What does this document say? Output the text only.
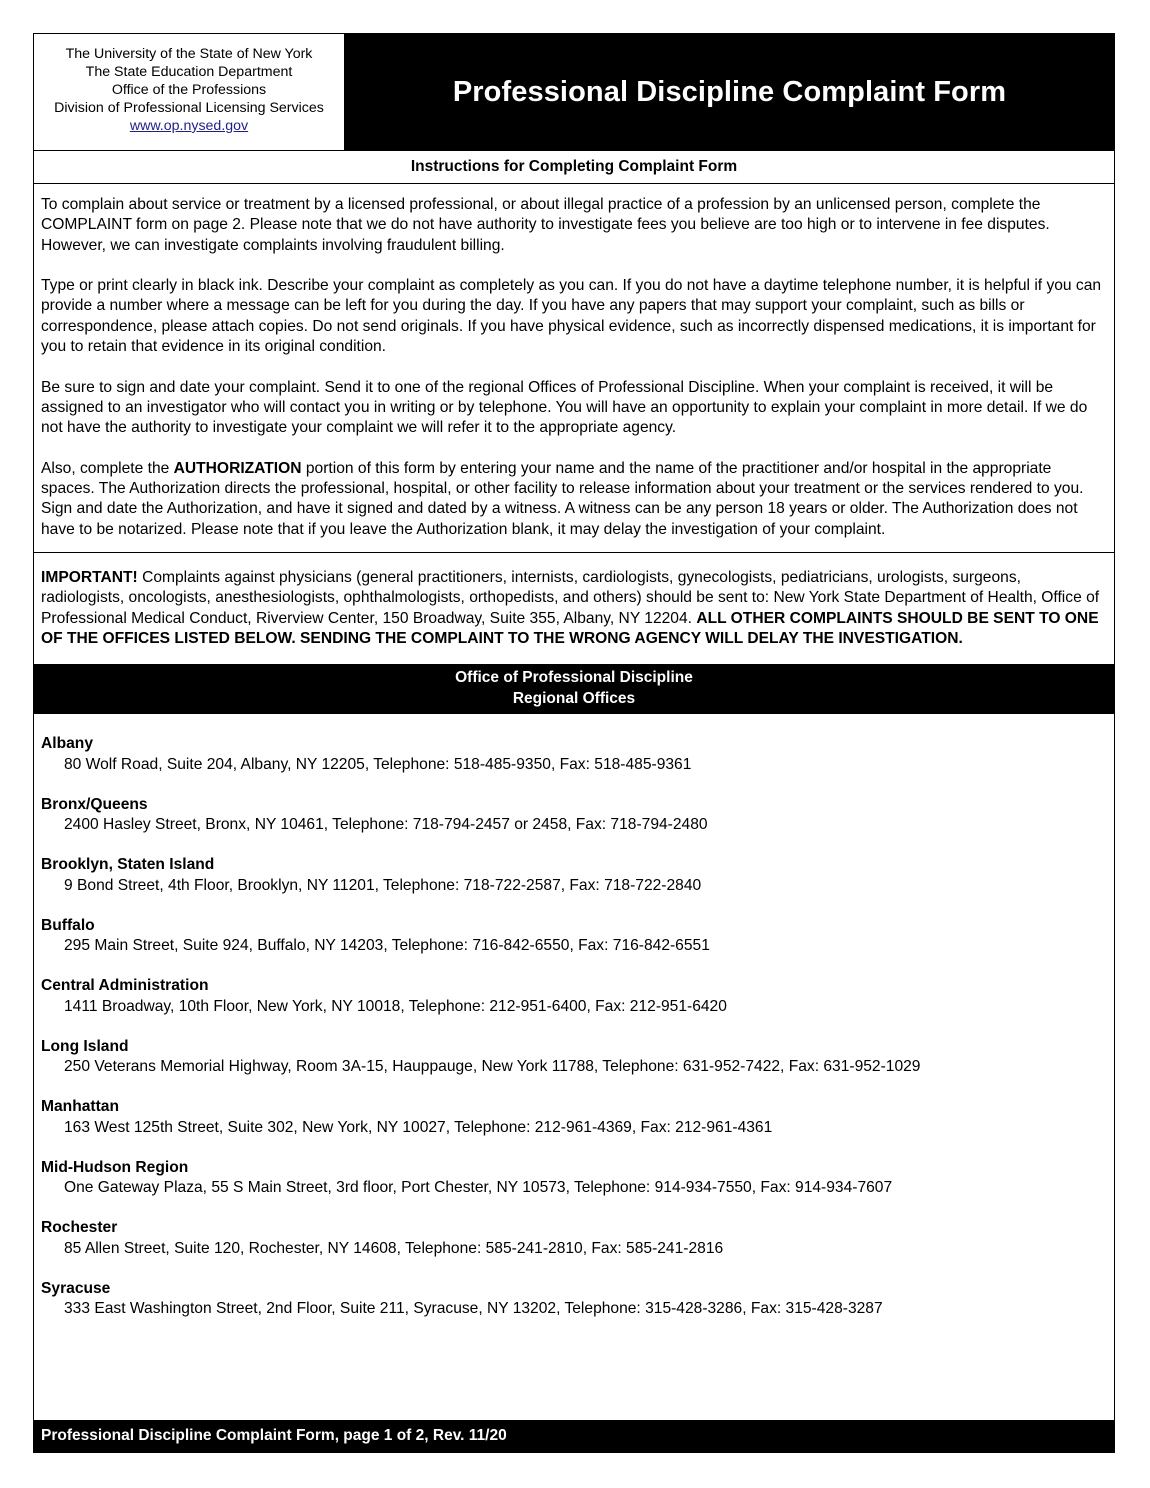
The University of the State of New York
The State Education Department
Office of the Professions
Division of Professional Licensing Services
www.op.nysed.gov
Professional Discipline Complaint Form
Instructions for Completing Complaint Form

To complain about service or treatment by a licensed professional, or about illegal practice of a profession by an unlicensed person, complete the COMPLAINT form on page 2. Please note that we do not have authority to investigate fees you believe are too high or to intervene in fee disputes. However, we can investigate complaints involving fraudulent billing.

Type or print clearly in black ink. Describe your complaint as completely as you can. If you do not have a daytime telephone number, it is helpful if you can provide a number where a message can be left for you during the day. If you have any papers that may support your complaint, such as bills or correspondence, please attach copies. Do not send originals. If you have physical evidence, such as incorrectly dispensed medications, it is important for you to retain that evidence in its original condition.

Be sure to sign and date your complaint. Send it to one of the regional Offices of Professional Discipline. When your complaint is received, it will be assigned to an investigator who will contact you in writing or by telephone. You will have an opportunity to explain your complaint in more detail. If we do not have the authority to investigate your complaint we will refer it to the appropriate agency.

Also, complete the AUTHORIZATION portion of this form by entering your name and the name of the practitioner and/or hospital in the appropriate spaces. The Authorization directs the professional, hospital, or other facility to release information about your treatment or the services rendered to you. Sign and date the Authorization, and have it signed and dated by a witness. A witness can be any person 18 years or older. The Authorization does not have to be notarized. Please note that if you leave the Authorization blank, it may delay the investigation of your complaint.

IMPORTANT! Complaints against physicians (general practitioners, internists, cardiologists, gynecologists, pediatricians, urologists, surgeons, radiologists, oncologists, anesthesiologists, ophthalmologists, orthopedists, and others) should be sent to: New York State Department of Health, Office of Professional Medical Conduct, Riverview Center, 150 Broadway, Suite 355, Albany, NY 12204. ALL OTHER COMPLAINTS SHOULD BE SENT TO ONE OF THE OFFICES LISTED BELOW. SENDING THE COMPLAINT TO THE WRONG AGENCY WILL DELAY THE INVESTIGATION.

Office of Professional Discipline
Regional Offices
Albany
80 Wolf Road, Suite 204, Albany, NY 12205, Telephone: 518-485-9350, Fax: 518-485-9361
Bronx/Queens
2400 Hasley Street, Bronx, NY 10461, Telephone: 718-794-2457 or 2458, Fax: 718-794-2480
Brooklyn, Staten Island
9 Bond Street, 4th Floor, Brooklyn, NY 11201, Telephone: 718-722-2587, Fax: 718-722-2840
Buffalo
295 Main Street, Suite 924, Buffalo, NY 14203, Telephone: 716-842-6550, Fax: 716-842-6551
Central Administration
1411 Broadway, 10th Floor, New York, NY 10018, Telephone: 212-951-6400, Fax: 212-951-6420
Long Island
250 Veterans Memorial Highway, Room 3A-15, Hauppauge, New York 11788, Telephone: 631-952-7422, Fax: 631-952-1029
Manhattan
163 West 125th Street, Suite 302, New York, NY 10027, Telephone: 212-961-4369, Fax: 212-961-4361
Mid-Hudson Region
One Gateway Plaza, 55 S Main Street, 3rd floor, Port Chester, NY 10573, Telephone: 914-934-7550, Fax: 914-934-7607
Rochester
85 Allen Street, Suite 120, Rochester, NY 14608, Telephone: 585-241-2810, Fax: 585-241-2816
Syracuse
333 East Washington Street, 2nd Floor, Suite 211, Syracuse, NY 13202, Telephone: 315-428-3286, Fax: 315-428-3287
Professional Discipline Complaint Form, page 1 of 2, Rev. 11/20
